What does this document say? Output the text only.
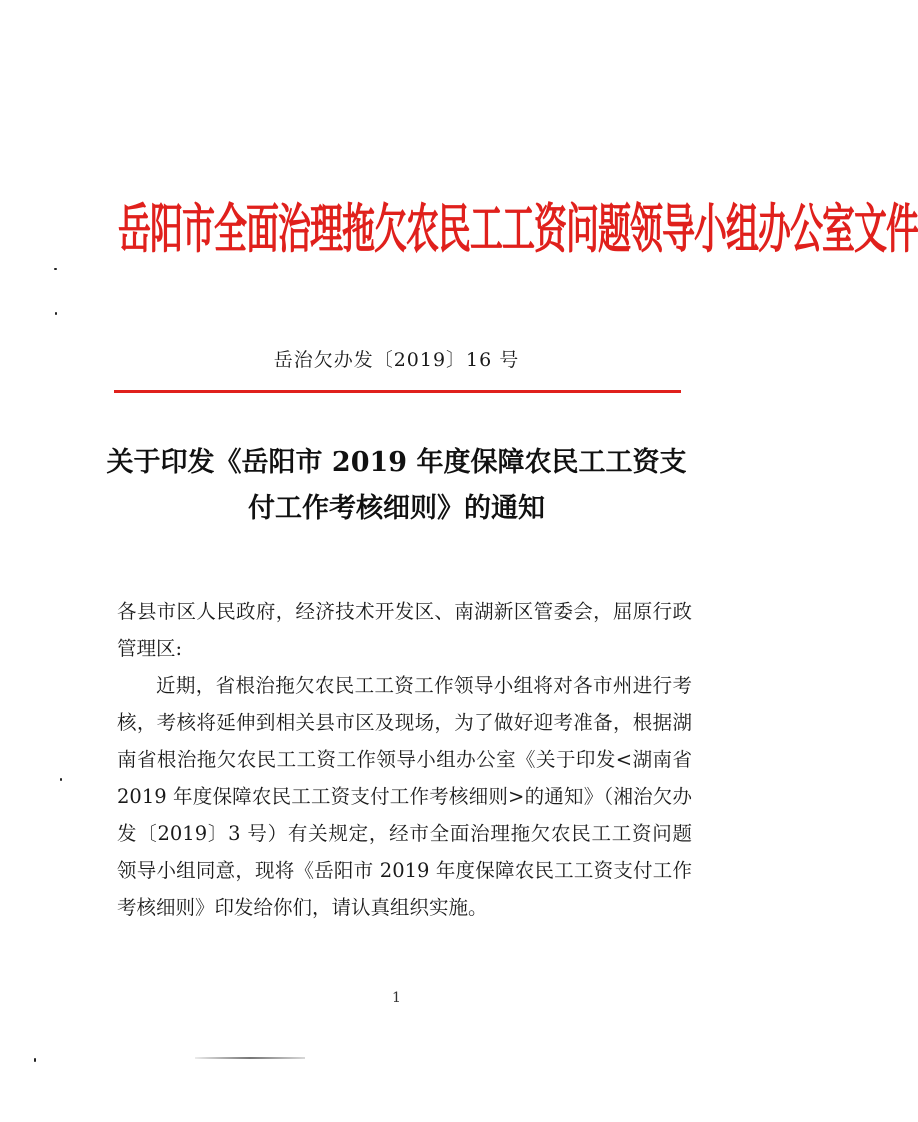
岳阳市全面治理拖欠农民工工资问题领导小组办公室文件
岳治欠办发〔2019〕16 号
关于印发《岳阳市 2019 年度保障农民工工资支
付工作考核细则》的通知

各县市区人民政府，经济技术开发区、南湖新区管委会，屈原行政管理区:

近期，省根治拖欠农民工工资工作领导小组将对各市州进行考核，考核将延伸到相关县市区及现场，为了做好迎考准备，根据湖南省根治拖欠农民工工资工作领导小组办公室《关于印发<湖南省 2019 年度保障农民工工资支付工作考核细则>的通知》（湘治欠办发〔2019〕3 号）有关规定，经市全面治理拖欠农民工工资问题领导小组同意，现将《岳阳市 2019 年度保障农民工工资支付工作考核细则》印发给你们，请认真组织实施。

1
